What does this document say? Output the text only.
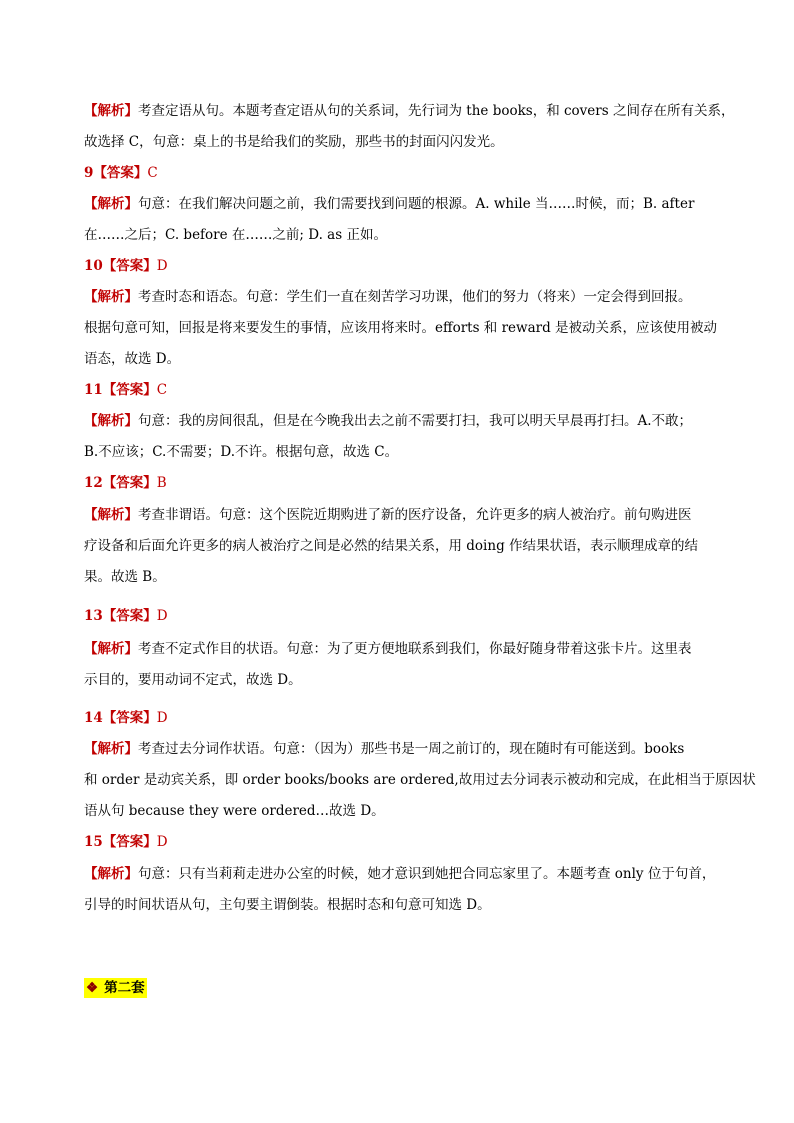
【解析】考查定语从句。本题考查定语从句的关系词，先行词为 the books，和 covers 之间存在所有关系，
故选择 C，句意：桌上的书是给我们的奖励，那些书的封面闪闪发光。
9【答案】C
【解析】句意：在我们解决问题之前，我们需要找到问题的根源。A. while 当……时候，而；B. after
在……之后；C. before 在……之前; D. as 正如。
10【答案】D
【解析】考查时态和语态。句意：学生们一直在刻苦学习功课，他们的努力（将来）一定会得到回报。
根据句意可知，回报是将来要发生的事情，应该用将来时。efforts 和 reward 是被动关系，应该使用被动
语态，故选 D。
11【答案】C
【解析】句意：我的房间很乱，但是在今晚我出去之前不需要打扫，我可以明天早晨再打扫。A.不敢；
B.不应该；C.不需要；D.不许。根据句意，故选 C。
12【答案】B
【解析】考查非谓语。句意：这个医院近期购进了新的医疗设备，允许更多的病人被治疗。前句购进医
疗设备和后面允许更多的病人被治疗之间是必然的结果关系，用 doing 作结果状语，表示顺理成章的结
果。故选 B。
13【答案】D
【解析】考查不定式作目的状语。句意：为了更方便地联系到我们，你最好随身带着这张卡片。这里表
示目的，要用动词不定式，故选 D。
14【答案】D
【解析】考查过去分词作状语。句意：（因为）那些书是一周之前订的，现在随时有可能送到。books
和 order 是动宾关系，即 order books/books are ordered,故用过去分词表示被动和完成，在此相当于原因状
语从句 because they were ordered…故选 D。
15【答案】D
【解析】句意：只有当莉莉走进办公室的时候，她才意识到她把合同忘家里了。本题考查 only 位于句首，
引导的时间状语从句，主句要主谓倒装。根据时态和句意可知选 D。
❖ 第二套
